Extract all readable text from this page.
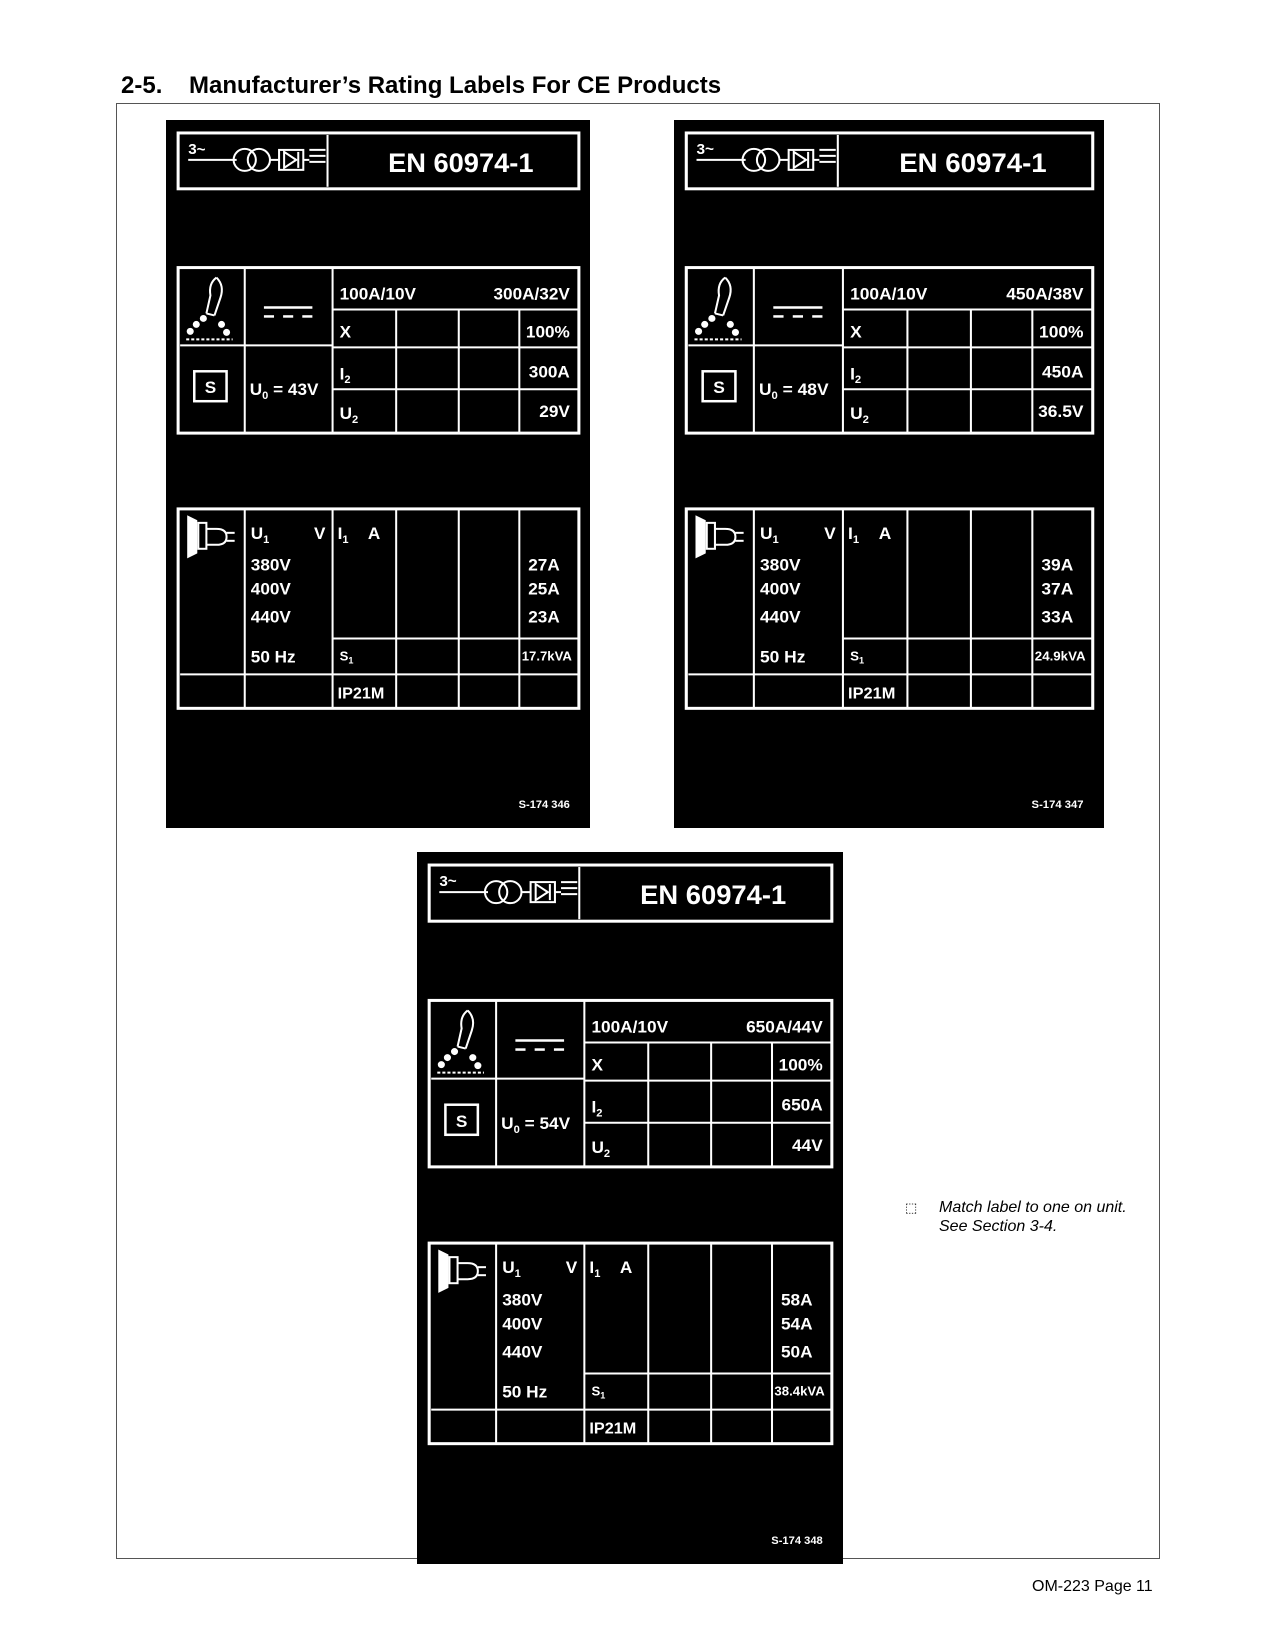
2-5. Manufacturer’s Rating Labels For CE Products
3~	EN 60974-1
S $U_0 = 43V$
100A/10V	300A/32V
X	100%
$I_2$	300A
$U_2$	29V
$U_1$	V $I_1$ A
380V	27A
400V	25A
440V	23A
50 Hz	$S_1$	17.7kVA
IP21M
S-174 346
3~	EN 60974-1
S $U_0 = 48V$
100A/10V	450A/38V
X	100%
$I_2$	450A
$U_2$	36.5V
$U_1$	V $I_1$ A
380V	39A
400V	37A
440V	33A
50 Hz	$S_1$	24.9kVA
IP21M
S-174 347
3~	EN 60974-1
S $U_0 = 54V$
100A/10V	650A/44V
X	100%
$I_2$	650A
$U_2$	44V
$U_1$	V $I_1$ A
380V	58A
400V	54A
440V	50A
50 Hz	$S_1$	38.4kVA
IP21M
S-174 348
⬚ Match label to one on unit. See Section 3-4.
OM-223 Page 11
